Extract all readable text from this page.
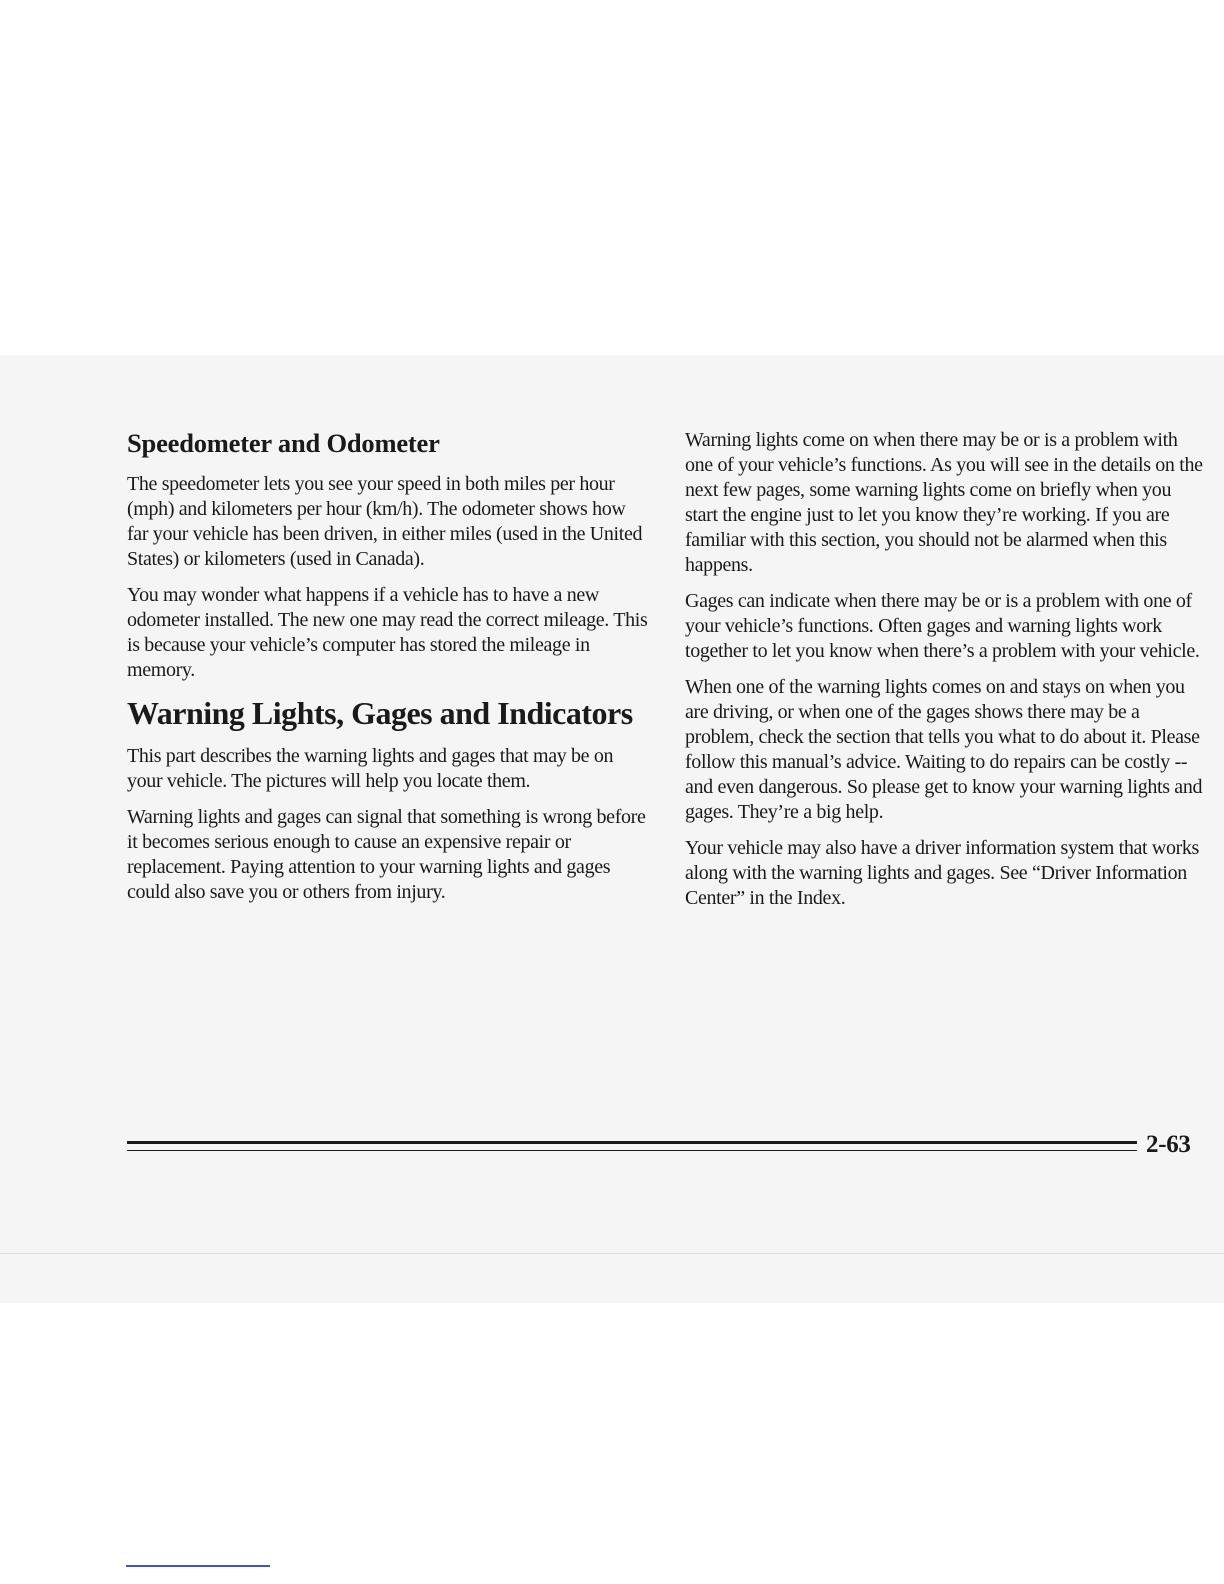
Speedometer and Odometer

The speedometer lets you see your speed in both miles per hour (mph) and kilometers per hour (km/h). The odometer shows how far your vehicle has been driven, in either miles (used in the United States) or kilometers (used in Canada).

You may wonder what happens if a vehicle has to have a new odometer installed. The new one may read the correct mileage. This is because your vehicle’s computer has stored the mileage in memory.

Warning Lights, Gages and Indicators

This part describes the warning lights and gages that may be on your vehicle. The pictures will help you locate them.

Warning lights and gages can signal that something is wrong before it becomes serious enough to cause an expensive repair or replacement. Paying attention to your warning lights and gages could also save you or others from injury.

Warning lights come on when there may be or is a problem with one of your vehicle’s functions. As you will see in the details on the next few pages, some warning lights come on briefly when you start the engine just to let you know they’re working. If you are familiar with this section, you should not be alarmed when this happens.

Gages can indicate when there may be or is a problem with one of your vehicle’s functions. Often gages and warning lights work together to let you know when there’s a problem with your vehicle.

When one of the warning lights comes on and stays on when you are driving, or when one of the gages shows there may be a problem, check the section that tells you what to do about it. Please follow this manual’s advice. Waiting to do repairs can be costly -- and even dangerous. So please get to know your warning lights and gages. They’re a big help.

Your vehicle may also have a driver information system that works along with the warning lights and gages. See “Driver Information Center” in the Index.

2-63
